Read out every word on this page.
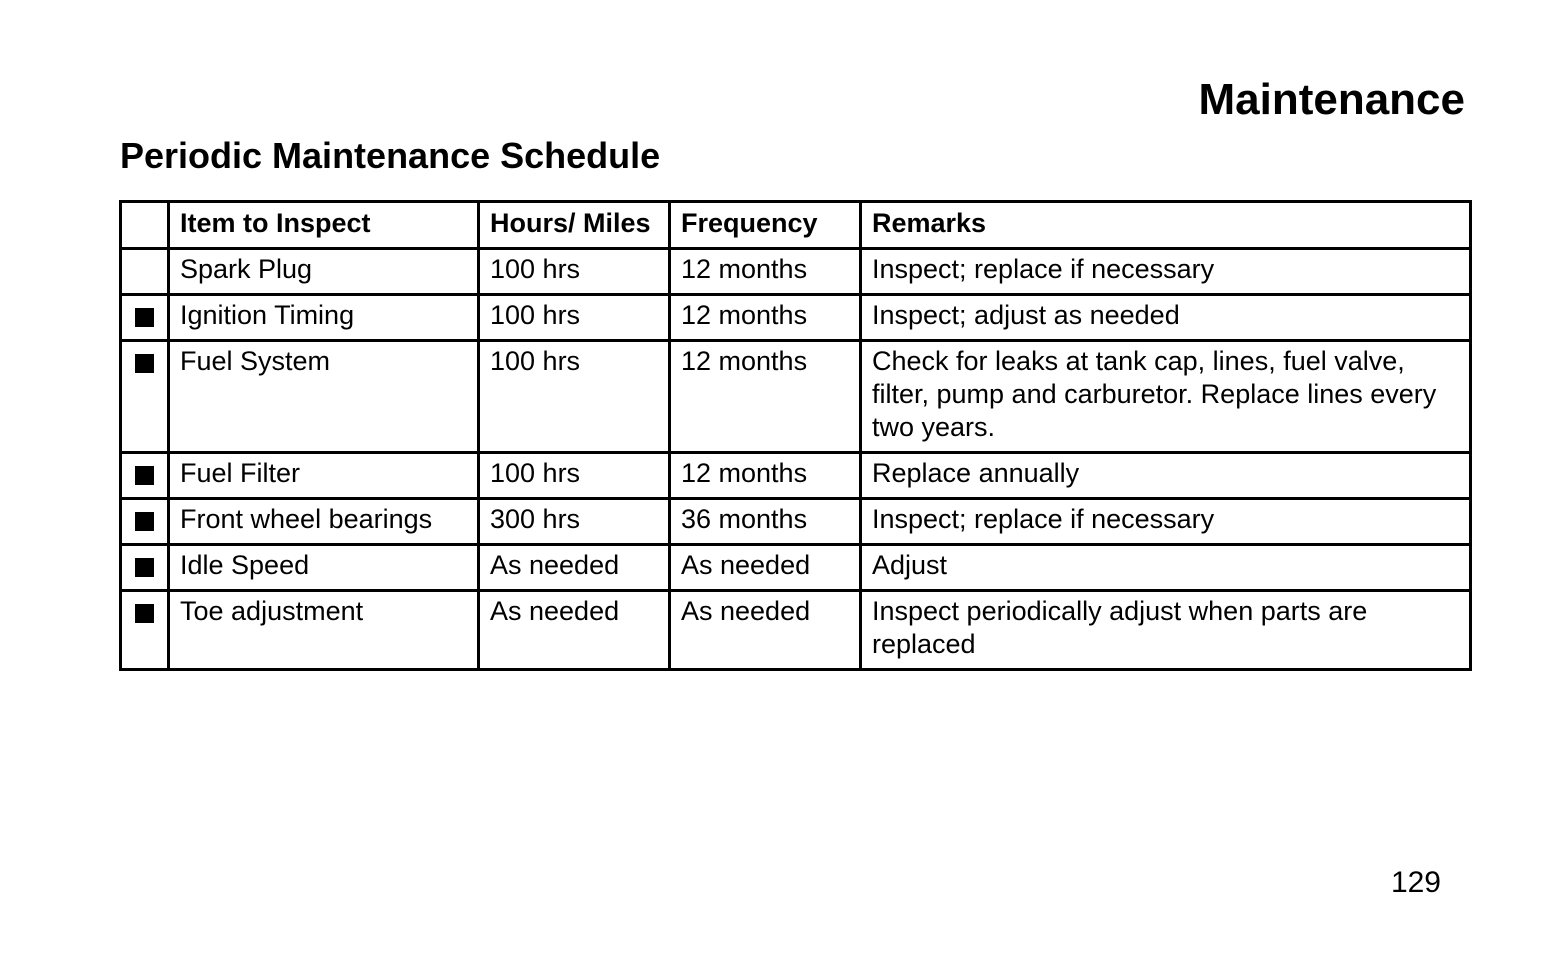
Maintenance
Periodic Maintenance Schedule
	Item to Inspect	Hours/ Miles	Frequency	Remarks
	Spark Plug	100 hrs	12 months	Inspect; replace if necessary
	Ignition Timing	100 hrs	12 months	Inspect; adjust as needed
	Fuel System	100 hrs	12 months	Check for leaks at tank cap, lines, fuel valve, filter, pump and carburetor. Replace lines every two years.
	Fuel Filter	100 hrs	12 months	Replace annually
	Front wheel bearings	300 hrs	36 months	Inspect; replace if necessary
	Idle Speed	As needed	As needed	Adjust
	Toe adjustment	As needed	As needed	Inspect periodically adjust when parts are replaced
129
